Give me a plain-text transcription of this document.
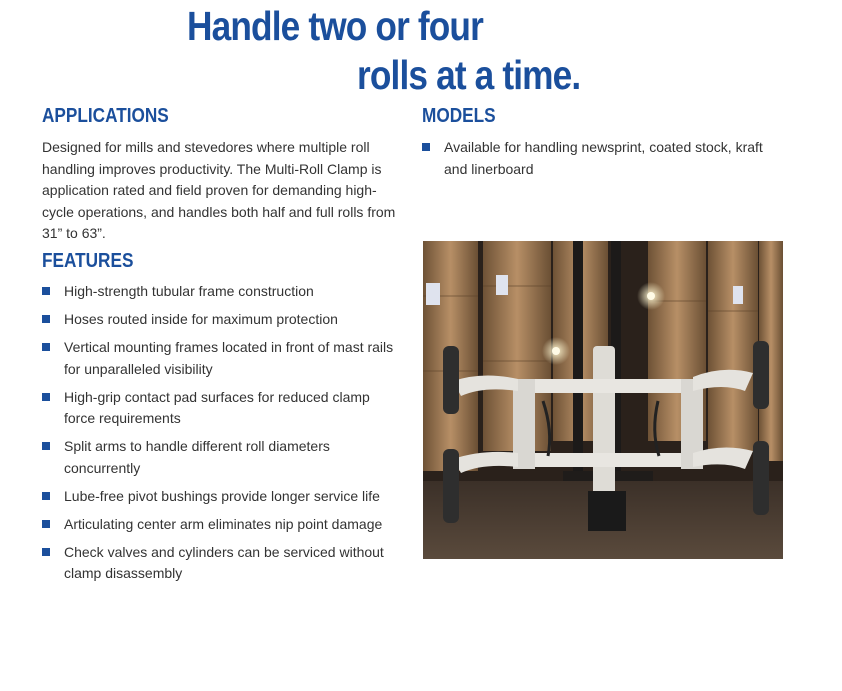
Handle two or four
rolls at a time.
APPLICATIONS

Designed for mills and stevedores where multiple roll handling improves productivity. The Multi-Roll Clamp is application rated and field proven for demanding high-cycle operations, and handles both half and full rolls from 31” to 63”.

MODELS
Available for handling newsprint, coated stock, kraft and linerboard
FEATURES
High-strength tubular frame construction
Hoses routed inside for maximum protection
Vertical mounting frames located in front of mast rails for unparalleled visibility
High-grip contact pad surfaces for reduced clamp force requirements
Split arms to handle different roll diameters concurrently
Lube-free pivot bushings provide longer service life
Articulating center arm eliminates nip point damage
Check valves and cylinders can be serviced without clamp disassembly
